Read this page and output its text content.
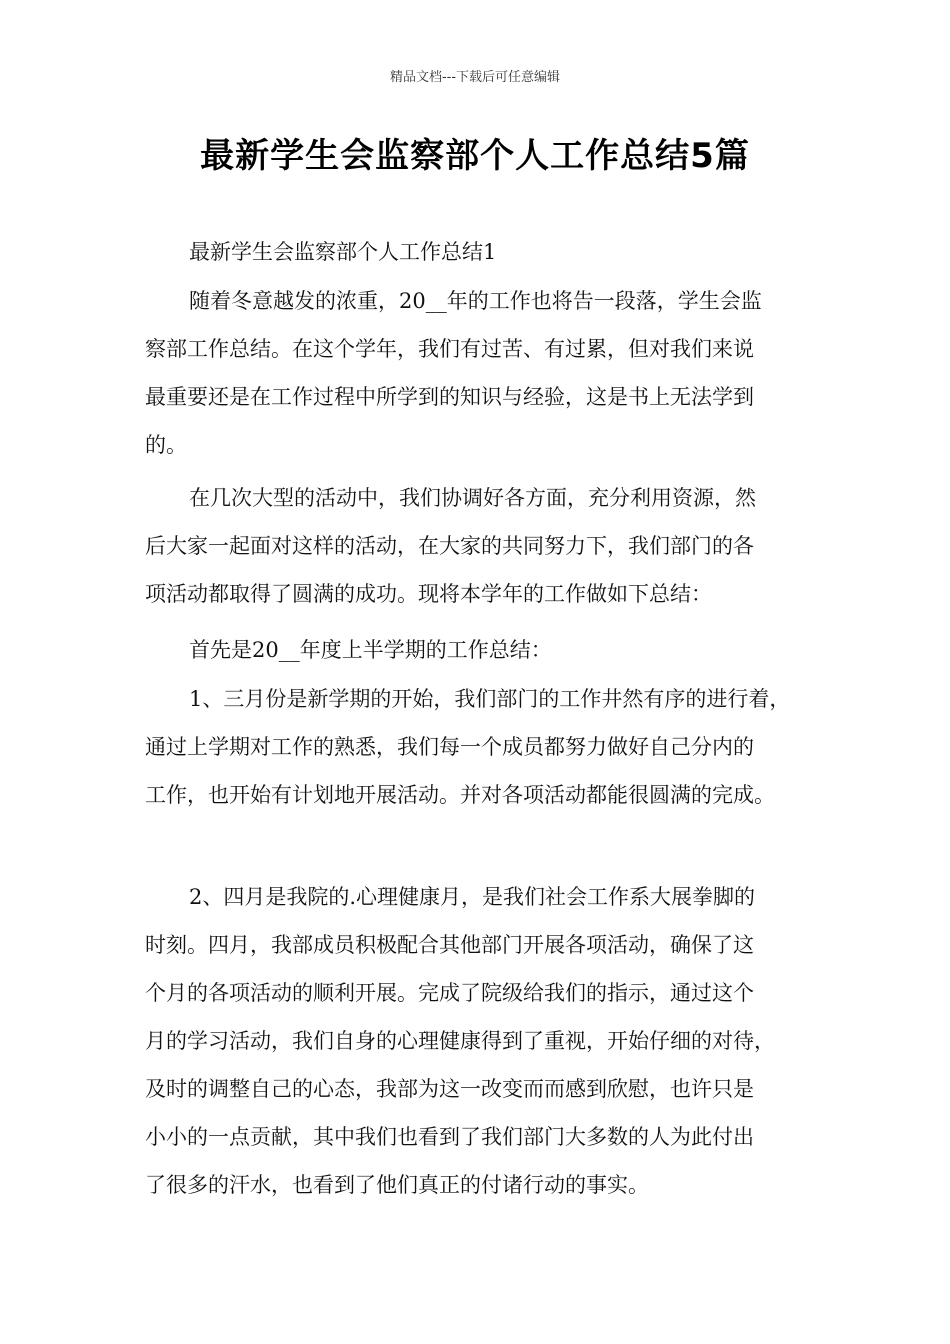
精品文档---下载后可任意编辑
最新学生会监察部个人工作总结5篇
最新学生会监察部个人工作总结1
随着冬意越发的浓重，20__年的工作也将告一段落，学生会监
察部工作总结。在这个学年，我们有过苦、有过累，但对我们来说
最重要还是在工作过程中所学到的知识与经验，这是书上无法学到
的。
在几次大型的活动中，我们协调好各方面，充分利用资源，然
后大家一起面对这样的活动，在大家的共同努力下，我们部门的各
项活动都取得了圆满的成功。现将本学年的工作做如下总结：
首先是20__年度上半学期的工作总结：
1、三月份是新学期的开始，我们部门的工作井然有序的进行着，
通过上学期对工作的熟悉，我们每一个成员都努力做好自己分内的
工作，也开始有计划地开展活动。并对各项活动都能很圆满的完成。
2、四月是我院的.心理健康月，是我们社会工作系大展拳脚的
时刻。四月，我部成员积极配合其他部门开展各项活动，确保了这
个月的各项活动的顺利开展。完成了院级给我们的指示，通过这个
月的学习活动，我们自身的心理健康得到了重视，开始仔细的对待，
及时的调整自己的心态，我部为这一改变而而感到欣慰，也许只是
小小的一点贡献，其中我们也看到了我们部门大多数的人为此付出
了很多的汗水，也看到了他们真正的付诸行动的事实。
